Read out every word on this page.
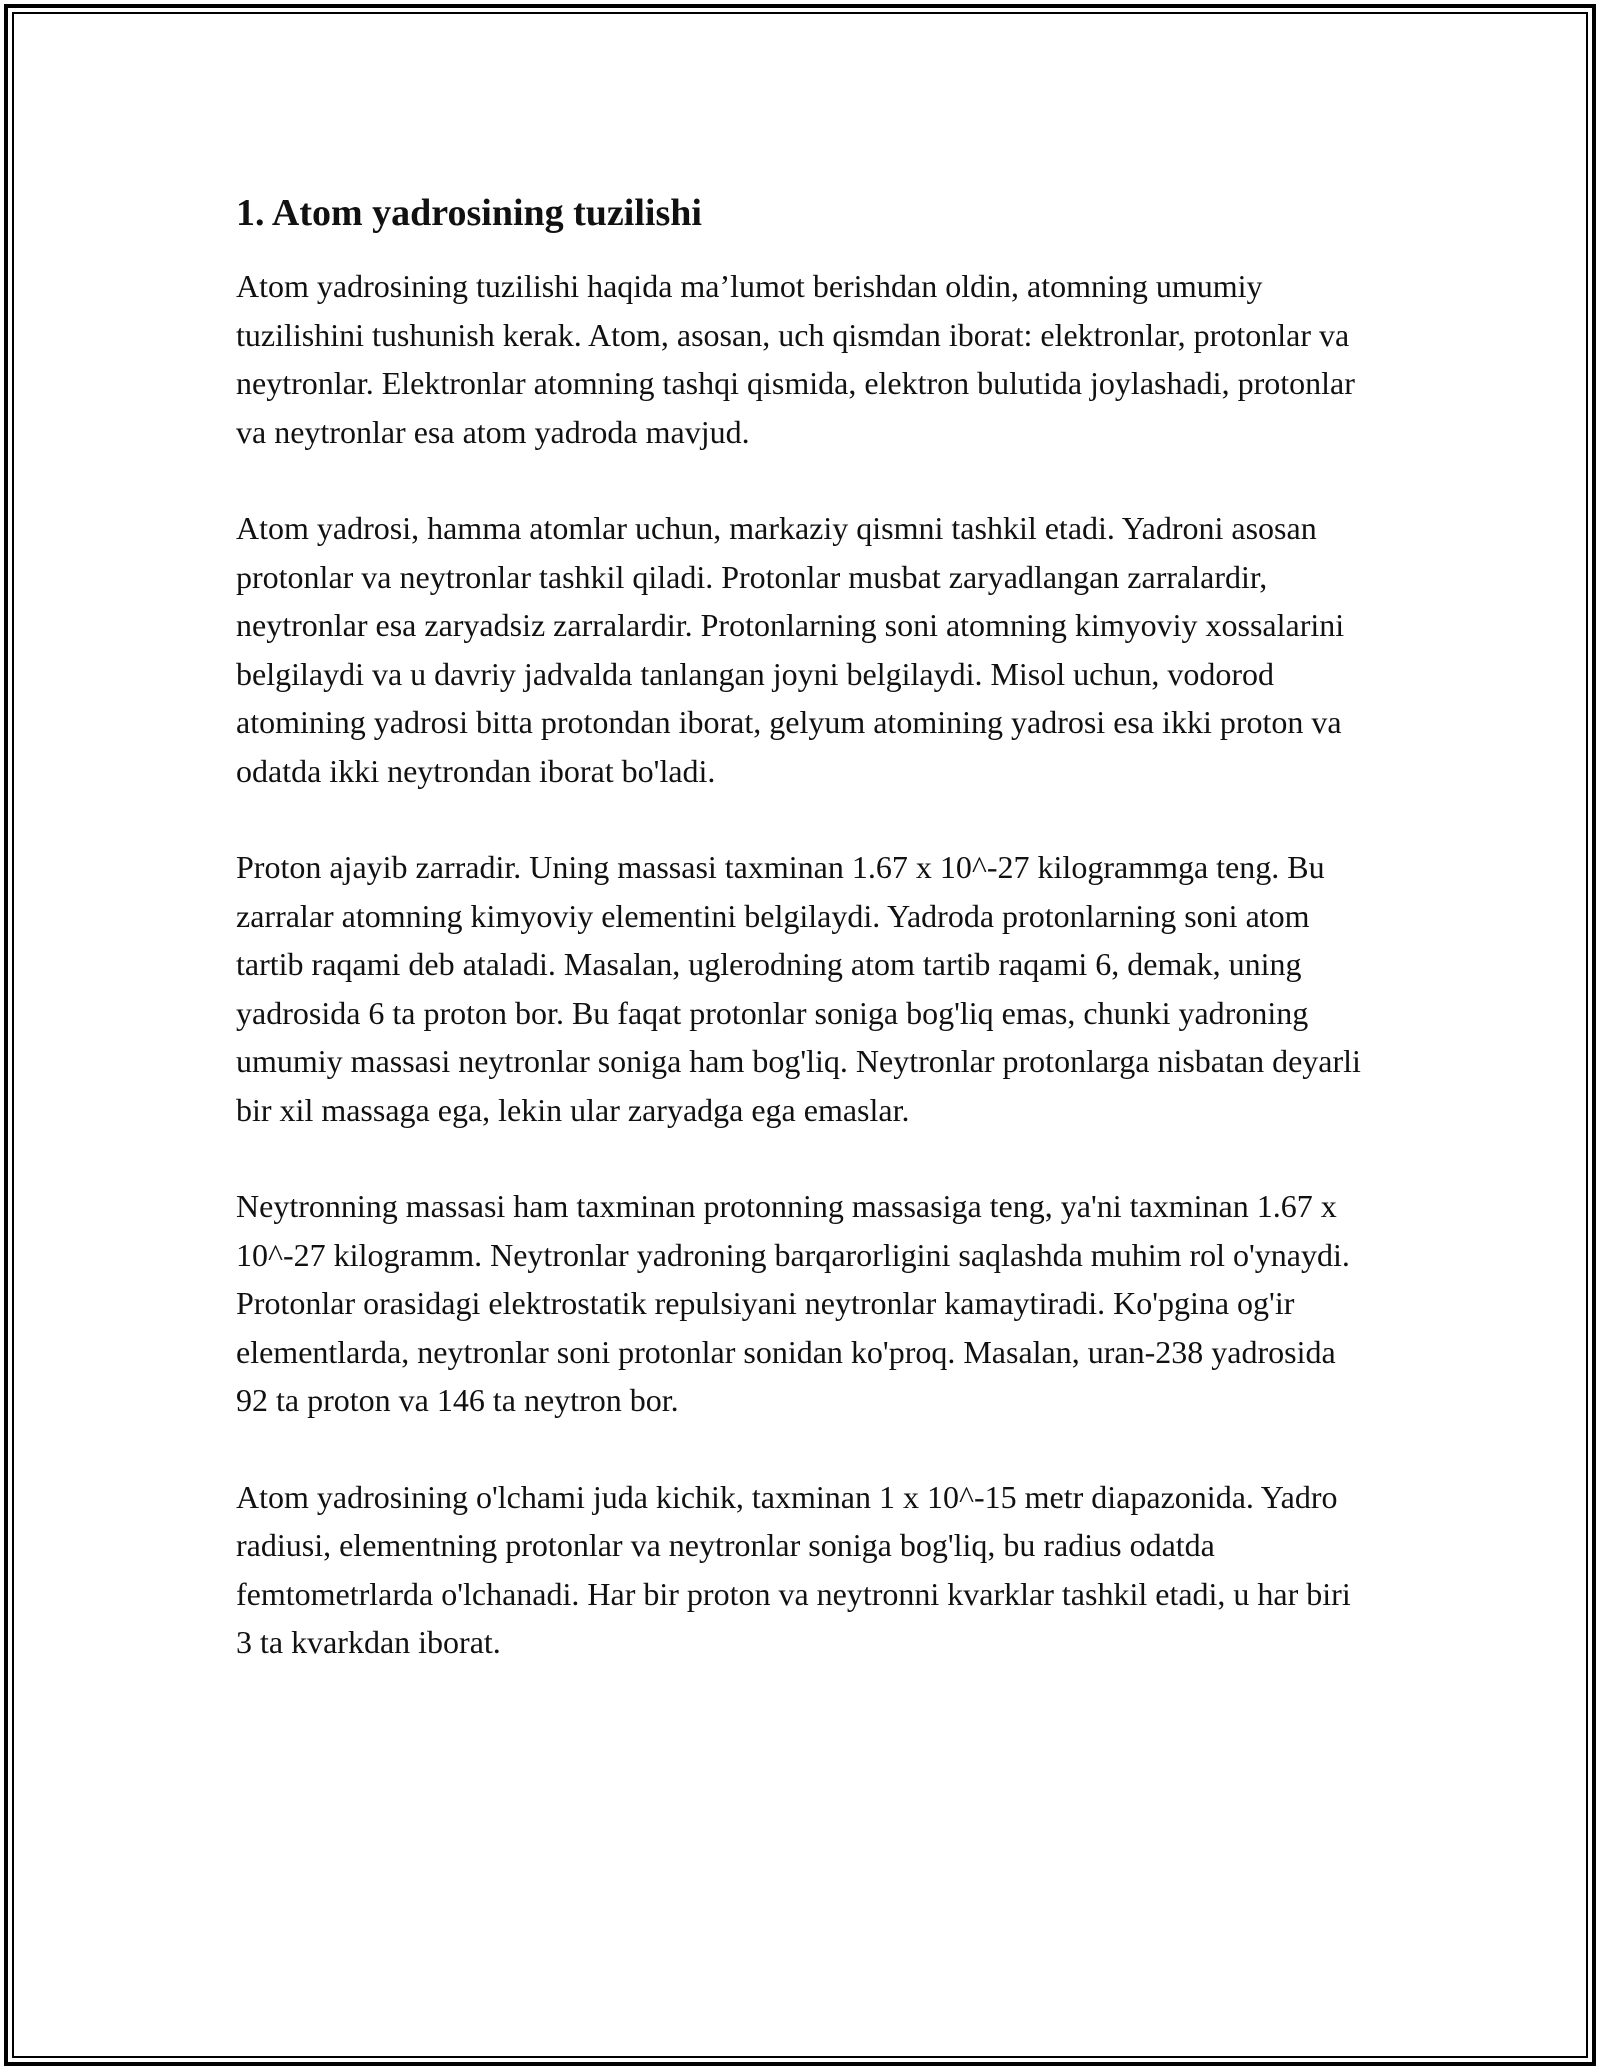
1. Atom yadrosining tuzilishi

Atom yadrosining tuzilishi haqida ma’lumot berishdan oldin, atomning umumiy tuzilishini tushunish kerak. Atom, asosan, uch qismdan iborat: elektronlar, protonlar va neytronlar. Elektronlar atomning tashqi qismida, elektron bulutida joylashadi, protonlar va neytronlar esa atom yadroda mavjud.

Atom yadrosi, hamma atomlar uchun, markaziy qismni tashkil etadi. Yadroni asosan protonlar va neytronlar tashkil qiladi. Protonlar musbat zaryadlangan zarralardir, neytronlar esa zaryadsiz zarralardir. Protonlarning soni atomning kimyoviy xossalarini belgilaydi va u davriy jadvalda tanlangan joyni belgilaydi. Misol uchun, vodorod atomining yadrosi bitta protondan iborat, gelyum atomining yadrosi esa ikki proton va odatda ikki neytrondan iborat bo'ladi.

Proton ajayib zarradir. Uning massasi taxminan 1.67 x 10^-27 kilogrammga teng. Bu zarralar atomning kimyoviy elementini belgilaydi. Yadroda protonlarning soni atom tartib raqami deb ataladi. Masalan, uglerodning atom tartib raqami 6, demak, uning yadrosida 6 ta proton bor. Bu faqat protonlar soniga bog'liq emas, chunki yadroning umumiy massasi neytronlar soniga ham bog'liq. Neytronlar protonlarga nisbatan deyarli bir xil massaga ega, lekin ular zaryadga ega emaslar.

Neytronning massasi ham taxminan protonning massasiga teng, ya'ni taxminan 1.67 x 10^-27 kilogramm. Neytronlar yadroning barqarorligini saqlashda muhim rol o'ynaydi. Protonlar orasidagi elektrostatik repulsiyani neytronlar kamaytiradi. Ko'pgina og'ir elementlarda, neytronlar soni protonlar sonidan ko'proq. Masalan, uran-238 yadrosida 92 ta proton va 146 ta neytron bor.

Atom yadrosining o'lchami juda kichik, taxminan 1 x 10^-15 metr diapazonida. Yadro radiusi, elementning protonlar va neytronlar soniga bog'liq, bu radius odatda femtometrlarda o'lchanadi. Har bir proton va neytronni kvarklar tashkil etadi, u har biri 3 ta kvarkdan iborat.
